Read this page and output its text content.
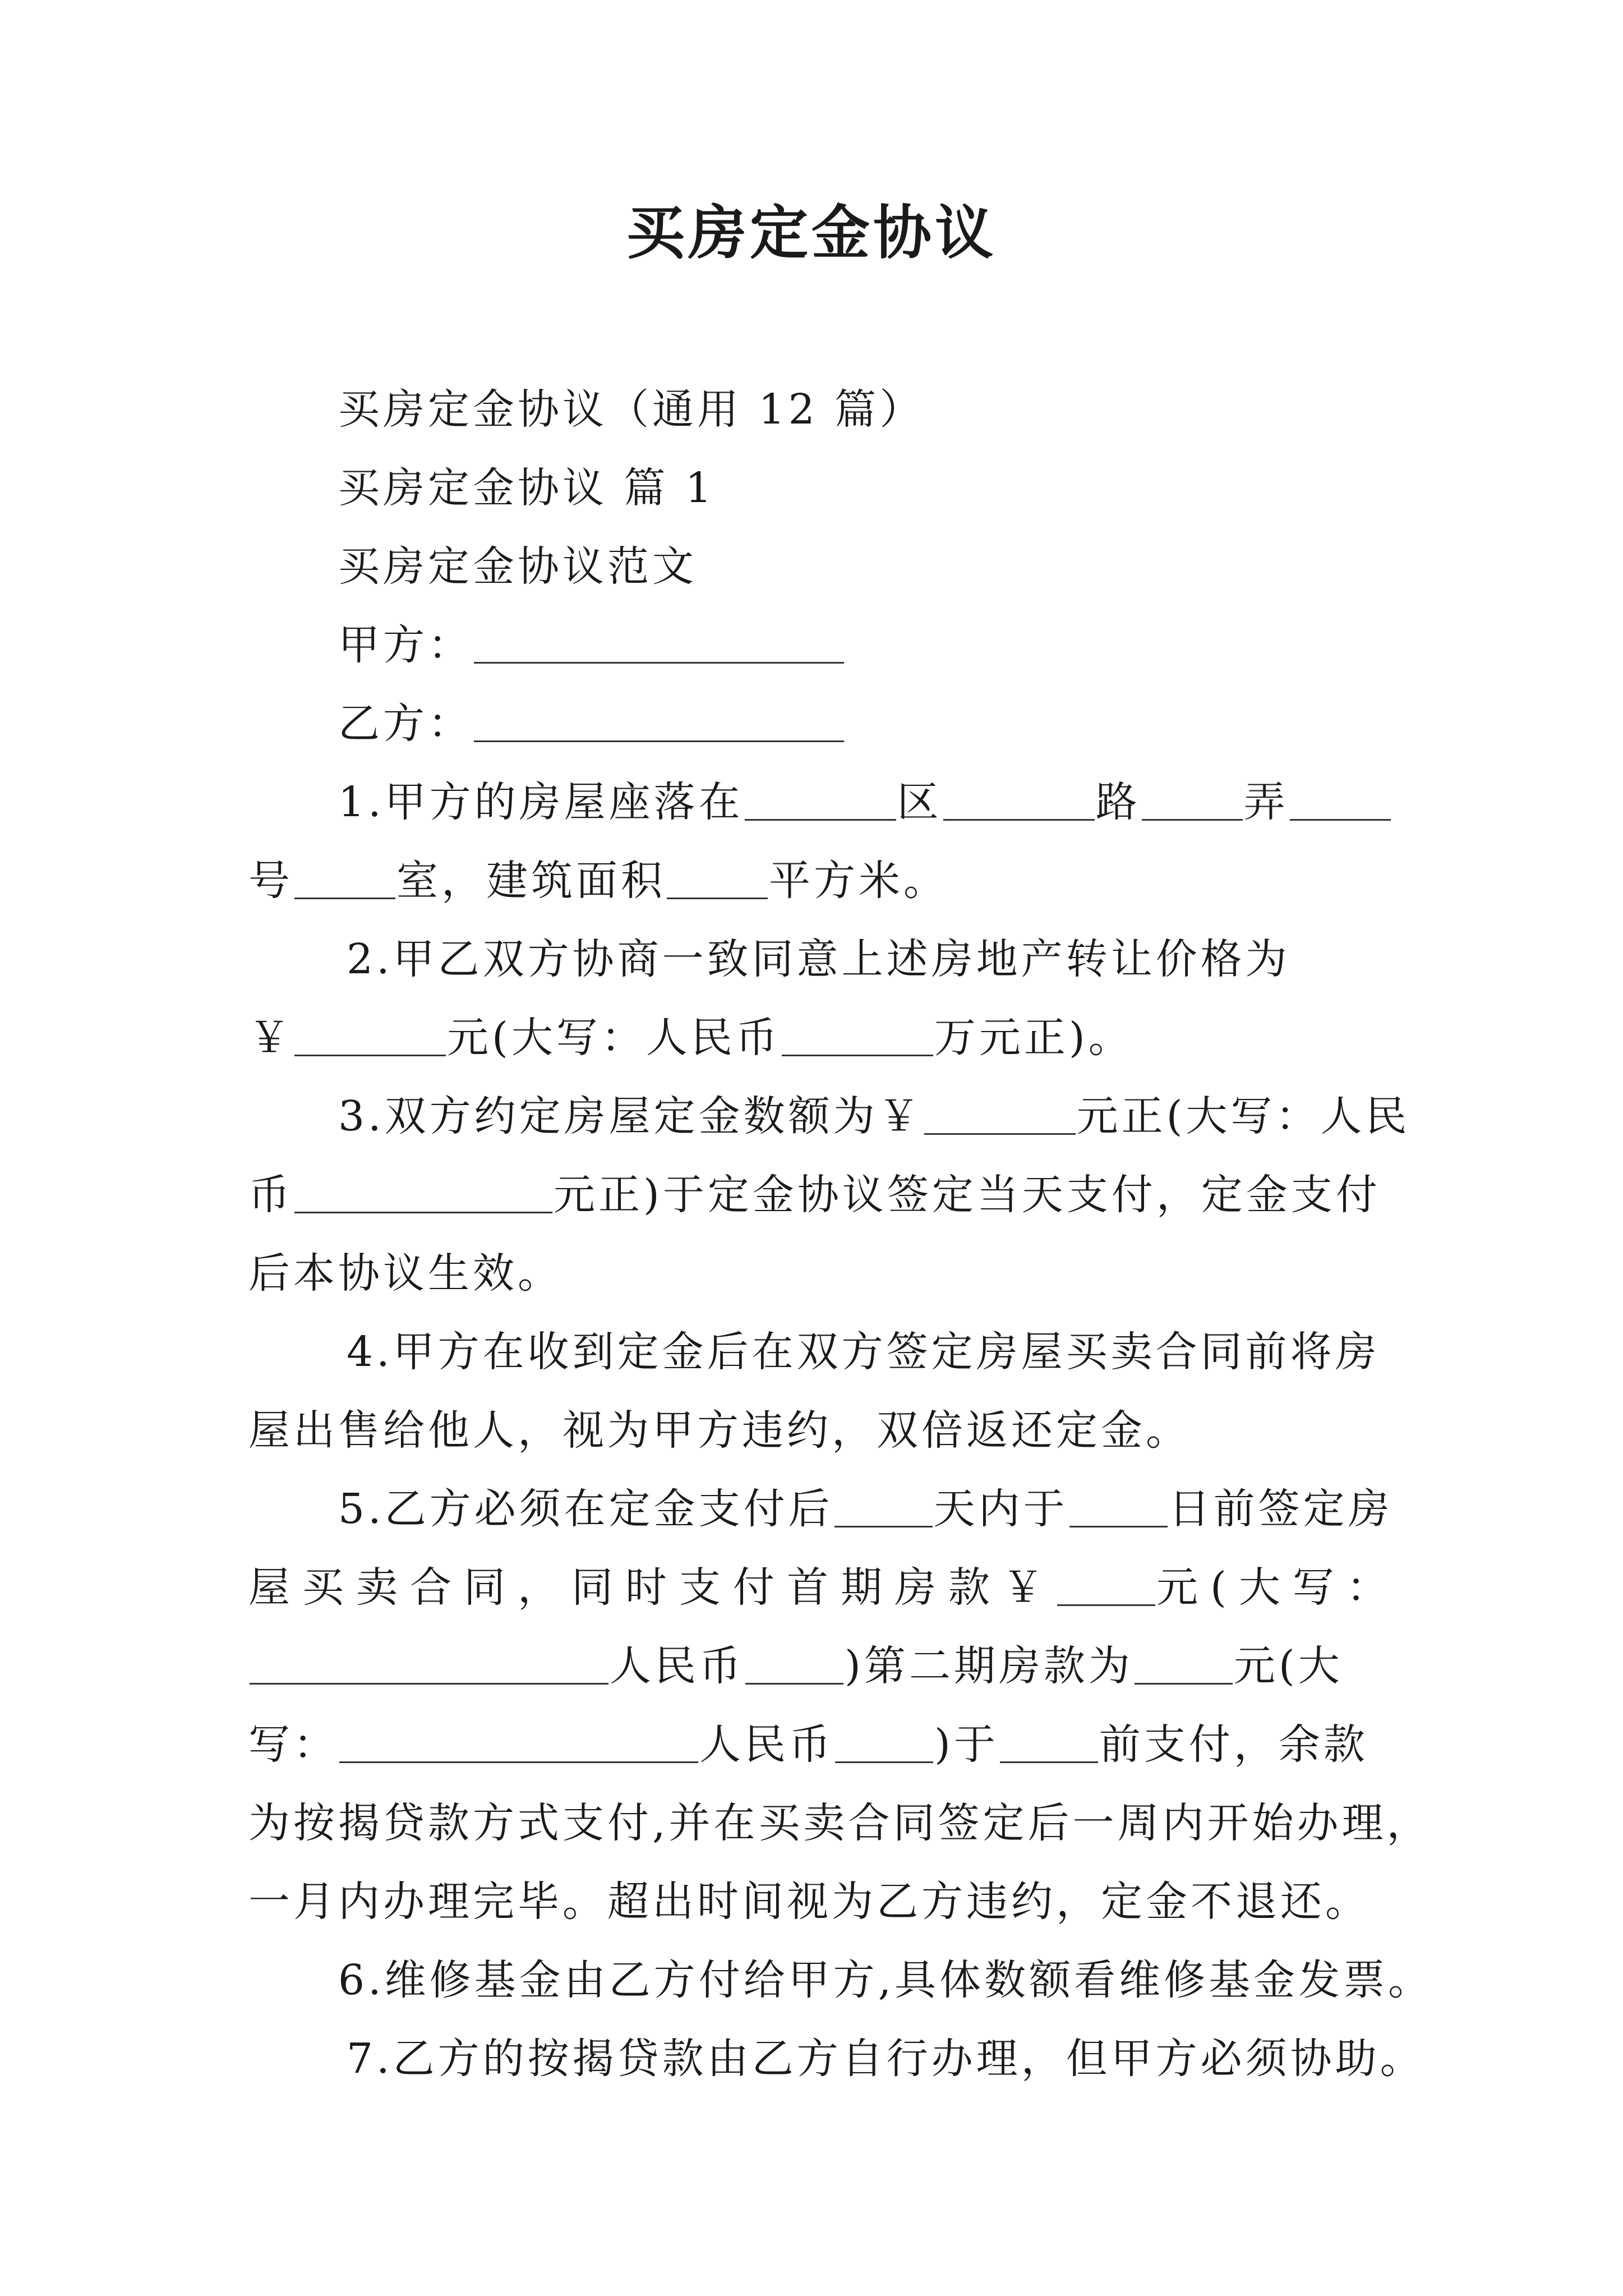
买房定金协议

买房定金协议（通用 12 篇）

买房定金协议 篇 1

买房定金协议范文

甲方：

乙方：

1.甲方的房屋座落在	区	路 弄

号 室，建筑面积 平方米。

2.甲乙双方协商一致同意上述房地产转让价格为

￥	元(大写：人民币	万元正)。

3.双方约定房屋定金数额为￥	元正(大写：人民

币	元正)于定金协议签定当天支付，定金支付

后本协议生效。

4.甲方在收到定金后在双方签定房屋买卖合同前将房

屋出售给他人，视为甲方违约，双倍返还定金。

5.乙方必须在定金支付后 天内于 日前签定房

屋买卖合同，同时支付首期房款￥ 元(大写：

人民币 )第二期房款为 元(大

写：	人民币 )于 前支付，余款

为按揭贷款方式支付,并在买卖合同签定后一周内开始办理，

一月内办理完毕。超出时间视为乙方违约，定金不退还。

6.维修基金由乙方付给甲方,具体数额看维修基金发票。

7.乙方的按揭贷款由乙方自行办理，但甲方必须协助。
